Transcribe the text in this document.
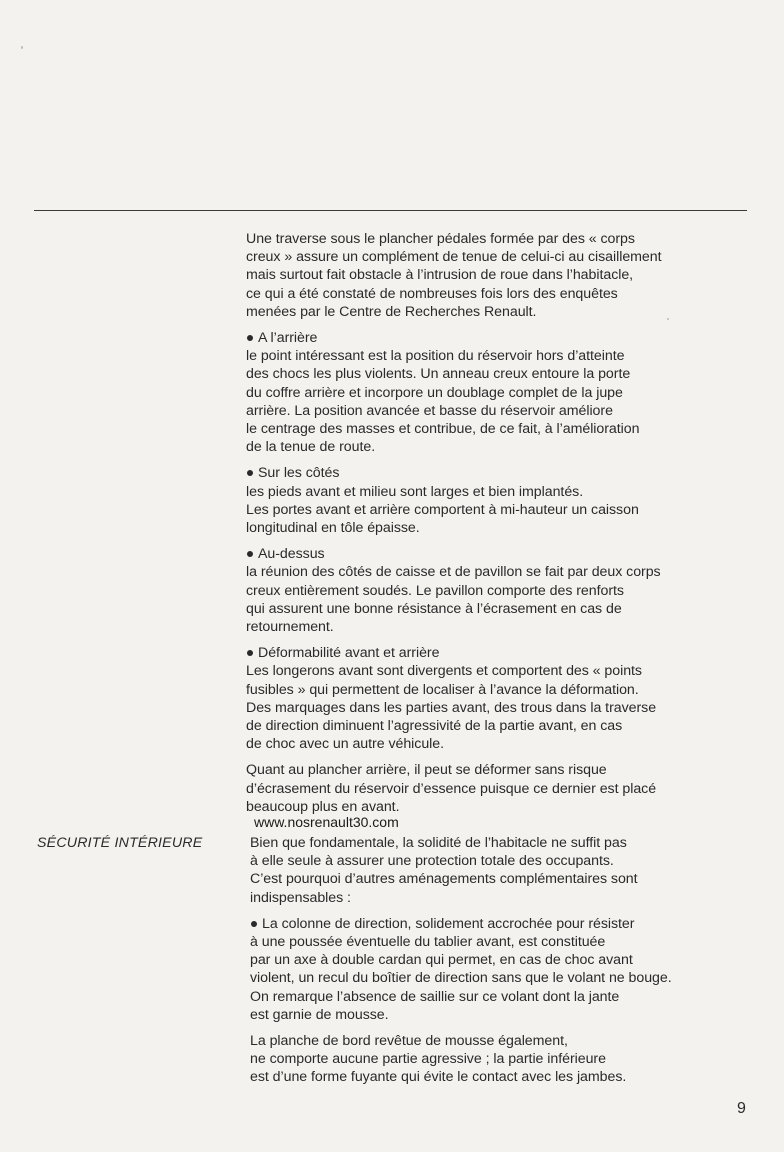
Une traverse sous le plancher pédales formée par des « corps
creux » assure un complément de tenue de celui-ci au cisaillement
mais surtout fait obstacle à l’intrusion de roue dans l’habitacle,
ce qui a été constaté de nombreuses fois lors des enquêtes
menées par le Centre de Recherches Renault.
A l’arrière
le point intéressant est la position du réservoir hors d’atteinte
des chocs les plus violents. Un anneau creux entoure la porte
du coffre arrière et incorpore un doublage complet de la jupe
arrière. La position avancée et basse du réservoir améliore
le centrage des masses et contribue, de ce fait, à l’amélioration
de la tenue de route.
Sur les côtés
les pieds avant et milieu sont larges et bien implantés.
Les portes avant et arrière comportent à mi-hauteur un caisson
longitudinal en tôle épaisse.
Au-dessus
la réunion des côtés de caisse et de pavillon se fait par deux corps
creux entièrement soudés. Le pavillon comporte des renforts
qui assurent une bonne résistance à l’écrasement en cas de
retournement.
Déformabilité avant et arrière
Les longerons avant sont divergents et comportent des « points
fusibles » qui permettent de localiser à l’avance la déformation.
Des marquages dans les parties avant, des trous dans la traverse
de direction diminuent l’agressivité de la partie avant, en cas
de choc avec un autre véhicule.
Quant au plancher arrière, il peut se déformer sans risque
d’écrasement du réservoir d’essence puisque ce dernier est placé
beaucoup plus en avant.
www.nosrenault30.com
SÉCURITÉ INTÉRIEURE	Bien que fondamentale, la solidité de l’habitacle ne suffit pas
à elle seule à assurer une protection totale des occupants.
C’est pourquoi d’autres aménagements complémentaires sont
indispensables :
La colonne de direction, solidement accrochée pour résister
à une poussée éventuelle du tablier avant, est constituée
par un axe à double cardan qui permet, en cas de choc avant
violent, un recul du boîtier de direction sans que le volant ne bouge.
On remarque l’absence de saillie sur ce volant dont la jante
est garnie de mousse.
La planche de bord revêtue de mousse également,
ne comporte aucune partie agressive ; la partie inférieure
est d’une forme fuyante qui évite le contact avec les jambes.
9
